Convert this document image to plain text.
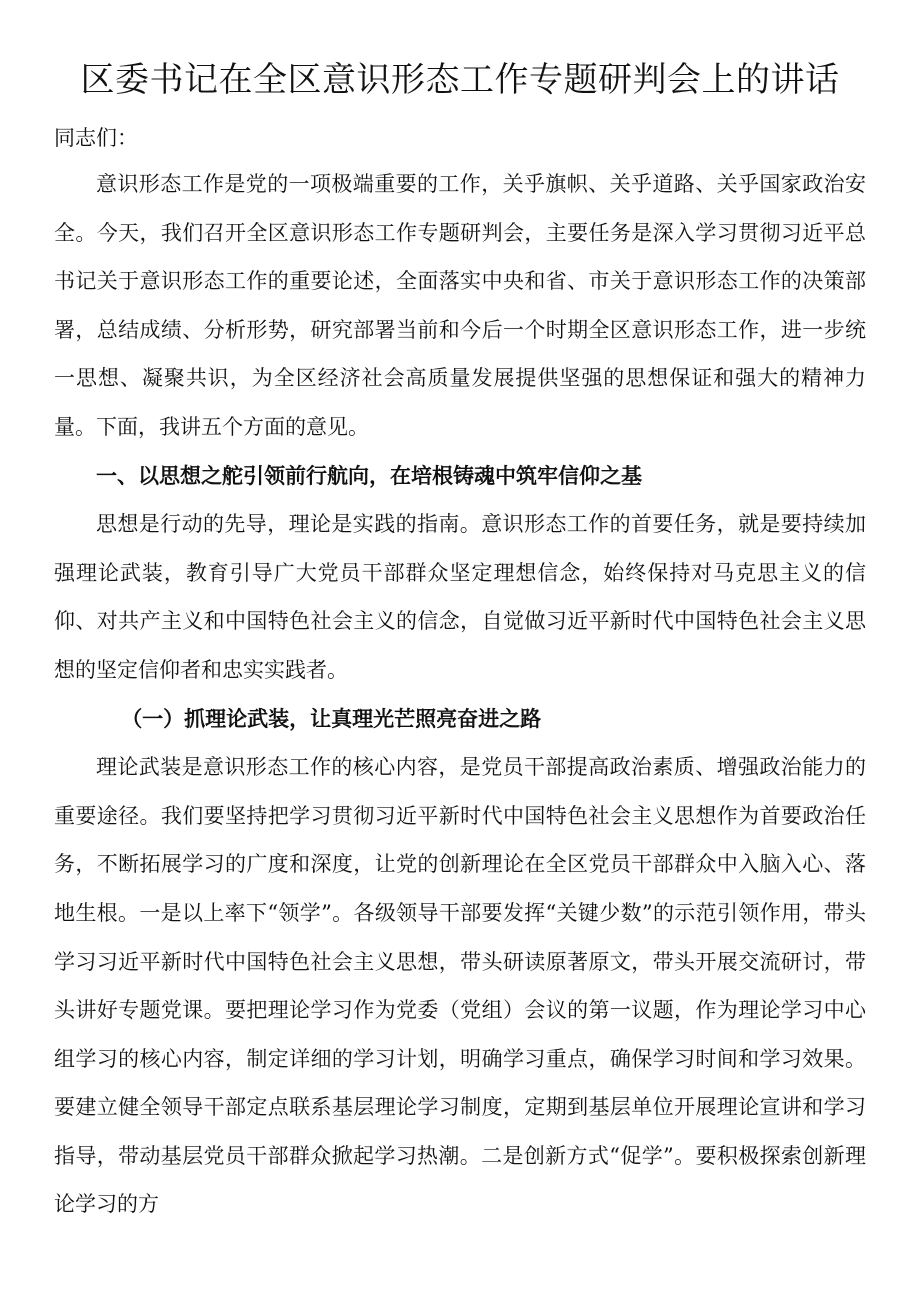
区委书记在全区意识形态工作专题研判会上的讲话
同志们：

意识形态工作是党的一项极端重要的工作，关乎旗帜、关乎道路、关乎国家政治安全。今天，我们召开全区意识形态工作专题研判会，主要任务是深入学习贯彻习近平总书记关于意识形态工作的重要论述，全面落实中央和省、市关于意识形态工作的决策部署，总结成绩、分析形势，研究部署当前和今后一个时期全区意识形态工作，进一步统一思想、凝聚共识，为全区经济社会高质量发展提供坚强的思想保证和强大的精神力量。下面，我讲五个方面的意见。

一、以思想之舵引领前行航向，在培根铸魂中筑牢信仰之基

思想是行动的先导，理论是实践的指南。意识形态工作的首要任务，就是要持续加强理论武装，教育引导广大党员干部群众坚定理想信念，始终保持对马克思主义的信仰、对共产主义和中国特色社会主义的信念，自觉做习近平新时代中国特色社会主义思想的坚定信仰者和忠实实践者。

（一）抓理论武装，让真理光芒照亮奋进之路

理论武装是意识形态工作的核心内容，是党员干部提高政治素质、增强政治能力的重要途径。我们要坚持把学习贯彻习近平新时代中国特色社会主义思想作为首要政治任务，不断拓展学习的广度和深度，让党的创新理论在全区党员干部群众中入脑入心、落地生根。一是以上率下“领学”。各级领导干部要发挥“关键少数”的示范引领作用，带头学习习近平新时代中国特色社会主义思想，带头研读原著原文，带头开展交流研讨，带头讲好专题党课。要把理论学习作为党委（党组）会议的第一议题，作为理论学习中心组学习的核心内容，制定详细的学习计划，明确学习重点，确保学习时间和学习效果。要建立健全领导干部定点联系基层理论学习制度，定期到基层单位开展理论宣讲和学习指导，带动基层党员干部群众掀起学习热潮。二是创新方式“促学”。要积极探索创新理论学习的方
